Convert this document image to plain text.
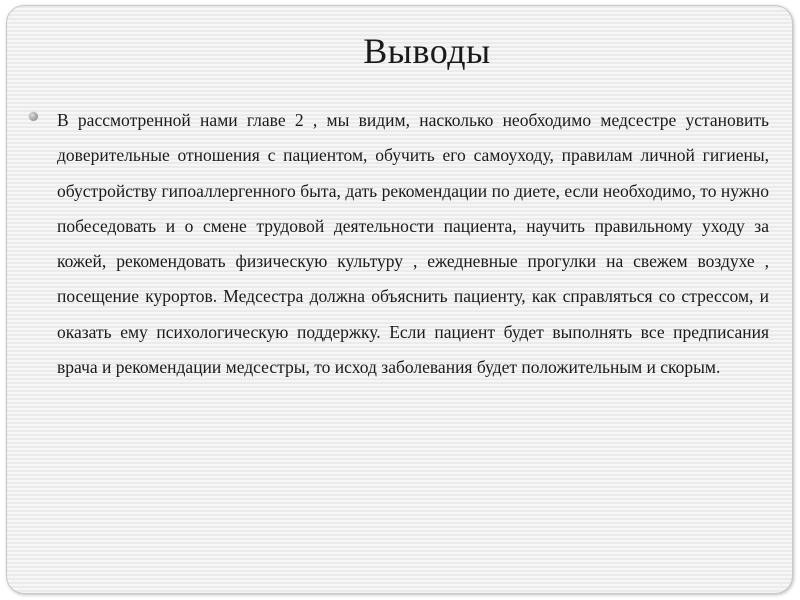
Выводы

В рассмотренной нами главе 2 , мы видим, насколько необходимо медсестре установить доверительные отношения с пациентом, обучить его самоуходу, правилам личной гигиены, обустройству гипоаллергенного быта, дать рекомендации по диете, если необходимо, то нужно побеседовать и о смене трудовой деятельности пациента, научить правильному уходу за кожей, рекомендовать физическую культуру , ежедневные прогулки на свежем воздухе , посещение курортов. Медсестра должна объяснить пациенту, как справляться со стрессом, и оказать ему психологическую поддержку. Если пациент будет выполнять все предписания врача и рекомендации медсестры, то исход заболевания будет положительным и скорым.
